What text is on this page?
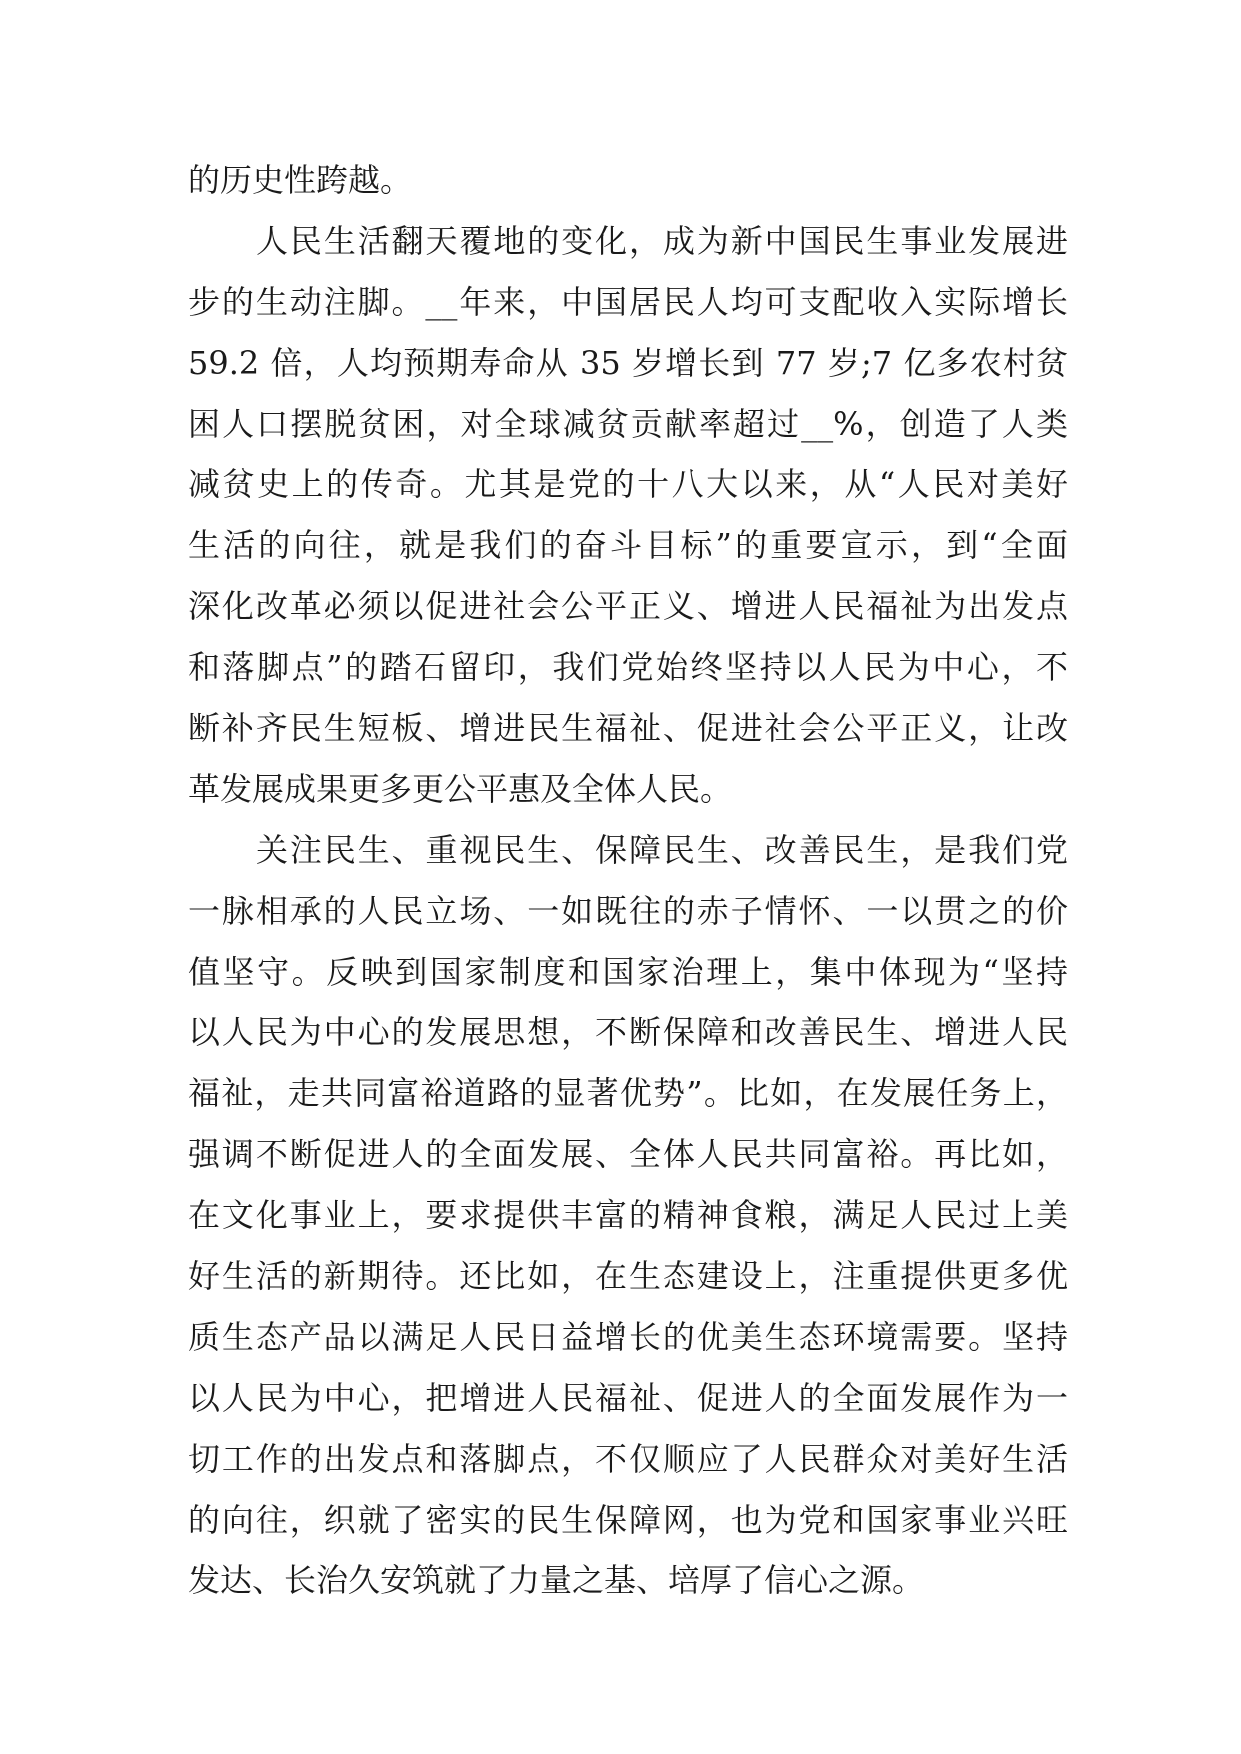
的历史性跨越。
人民生活翻天覆地的变化，成为新中国民生事业发展进
步的生动注脚。__年来，中国居民人均可支配收入实际增长
59.2 倍，人均预期寿命从 35 岁增长到 77 岁;7 亿多农村贫
困人口摆脱贫困，对全球减贫贡献率超过__%，创造了人类
减贫史上的传奇。尤其是党的十八大以来，从“人民对美好
生活的向往，就是我们的奋斗目标”的重要宣示，到“全面
深化改革必须以促进社会公平正义、增进人民福祉为出发点
和落脚点”的踏石留印，我们党始终坚持以人民为中心，不
断补齐民生短板、增进民生福祉、促进社会公平正义，让改
革发展成果更多更公平惠及全体人民。
关注民生、重视民生、保障民生、改善民生，是我们党
一脉相承的人民立场、一如既往的赤子情怀、一以贯之的价
值坚守。反映到国家制度和国家治理上，集中体现为“坚持
以人民为中心的发展思想，不断保障和改善民生、增进人民
福祉，走共同富裕道路的显著优势”。比如，在发展任务上，
强调不断促进人的全面发展、全体人民共同富裕。再比如，
在文化事业上，要求提供丰富的精神食粮，满足人民过上美
好生活的新期待。还比如，在生态建设上，注重提供更多优
质生态产品以满足人民日益增长的优美生态环境需要。坚持
以人民为中心，把增进人民福祉、促进人的全面发展作为一
切工作的出发点和落脚点，不仅顺应了人民群众对美好生活
的向往，织就了密实的民生保障网，也为党和国家事业兴旺
发达、长治久安筑就了力量之基、培厚了信心之源。
